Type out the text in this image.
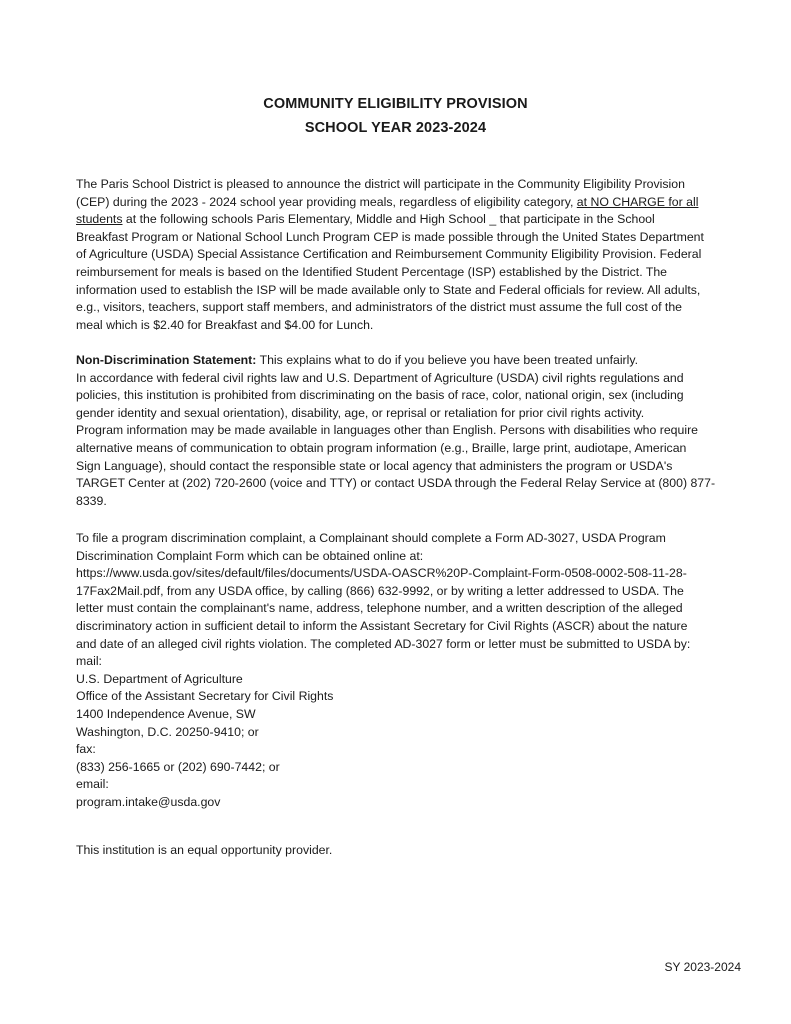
COMMUNITY ELIGIBILITY PROVISION
SCHOOL YEAR 2023-2024
The Paris School District is pleased to announce the district will participate in the Community Eligibility Provision
(CEP) during the 2023 - 2024 school year providing meals, regardless of eligibility category, at NO CHARGE for all
students at the following schools Paris Elementary, Middle and High School _ that participate in the School
Breakfast Program or National School Lunch Program CEP is made possible through the United States Department
of Agriculture (USDA) Special Assistance Certification and Reimbursement Community Eligibility Provision. Federal
reimbursement for meals is based on the Identified Student Percentage (ISP) established by the District. The
information used to establish the ISP will be made available only to State and Federal officials for review. All adults,
e.g., visitors, teachers, support staff members, and administrators of the district must assume the full cost of the
meal which is $2.40 for Breakfast and $4.00 for Lunch.
Non-Discrimination Statement: This explains what to do if you believe you have been treated unfairly.
In accordance with federal civil rights law and U.S. Department of Agriculture (USDA) civil rights regulations and
policies, this institution is prohibited from discriminating on the basis of race, color, national origin, sex (including
gender identity and sexual orientation), disability, age, or reprisal or retaliation for prior civil rights activity.
Program information may be made available in languages other than English. Persons with disabilities who require
alternative means of communication to obtain program information (e.g., Braille, large print, audiotape, American
Sign Language), should contact the responsible state or local agency that administers the program or USDA's
TARGET Center at (202) 720-2600 (voice and TTY) or contact USDA through the Federal Relay Service at (800) 877-
8339.
To file a program discrimination complaint, a Complainant should complete a Form AD-3027, USDA Program
Discrimination Complaint Form which can be obtained online at:
https://www.usda.gov/sites/default/files/documents/USDA-OASCR%20P-Complaint-Form-0508-0002-508-11-28-
17Fax2Mail.pdf, from any USDA office, by calling (866) 632-9992, or by writing a letter addressed to USDA. The
letter must contain the complainant's name, address, telephone number, and a written description of the alleged
discriminatory action in sufficient detail to inform the Assistant Secretary for Civil Rights (ASCR) about the nature
and date of an alleged civil rights violation. The completed AD-3027 form or letter must be submitted to USDA by:
mail:
U.S. Department of Agriculture
Office of the Assistant Secretary for Civil Rights
1400 Independence Avenue, SW
Washington, D.C. 20250-9410; or
fax:
(833) 256-1665 or (202) 690-7442; or
email:
program.intake@usda.gov
This institution is an equal opportunity provider.
SY 2023-2024
